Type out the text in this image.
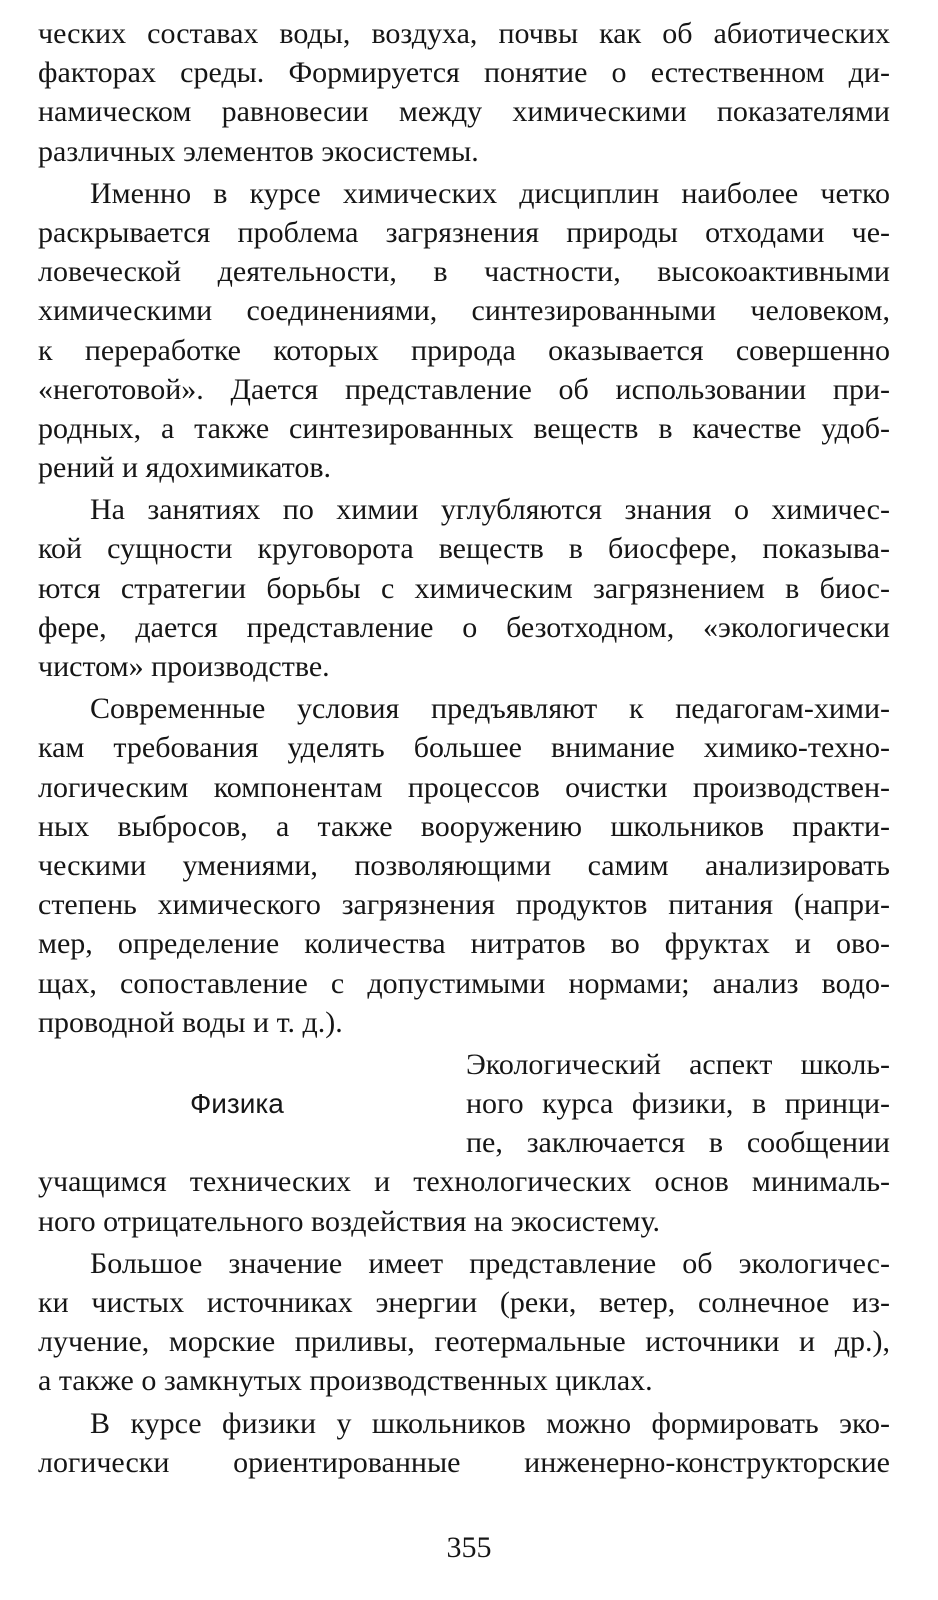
ческих составах воды, воздуха, почвы как об абиотических
факторах среды. Формируется понятие о естественном ди-
намическом равновесии между химическими показателями
различных элементов экосистемы.
Именно в курсе химических дисциплин наиболее четко
раскрывается проблема загрязнения природы отходами че-
ловеческой деятельности, в частности, высокоактивными
химическими соединениями, синтезированными человеком,
к переработке которых природа оказывается совершенно
«неготовой». Дается представление об использовании при-
родных, а также синтезированных веществ в качестве удоб-
рений и ядохимикатов.
На занятиях по химии углубляются знания о химичес-
кой сущности круговорота веществ в биосфере, показыва-
ются стратегии борьбы с химическим загрязнением в биос-
фере, дается представление о безотходном, «экологически
чистом» производстве.
Современные условия предъявляют к педагогам-хими-
кам требования уделять большее внимание химико-техно-
логическим компонентам процессов очистки производствен-
ных выбросов, а также вооружению школьников практи-
ческими умениями, позволяющими самим анализировать
степень химического загрязнения продуктов питания (напри-
мер, определение количества нитратов во фруктах и ово-
щах, сопоставление с допустимыми нормами; анализ водо-
проводной воды и т. д.).
Физика
Экологический аспект школь-
ного курса физики, в принци-
пе, заключается в сообщении
учащимся технических и технологических основ минималь-
ного отрицательного воздействия на экосистему.
Большое значение имеет представление об экологичес-
ки чистых источниках энергии (реки, ветер, солнечное из-
лучение, морские приливы, геотермальные источники и др.),
а также о замкнутых производственных циклах.
В курсе физики у школьников можно формировать эко-
логически ориентированные инженерно-конструкторские
355
